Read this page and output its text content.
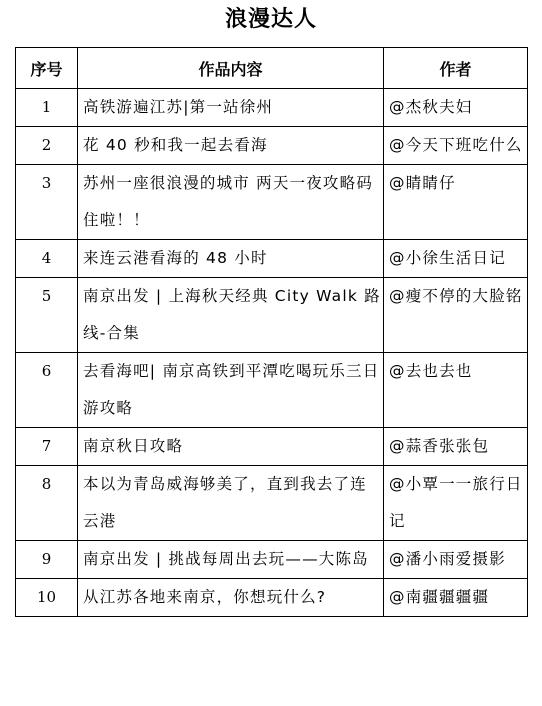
浪漫达人
序号	作品内容	作者
1	高铁游遍江苏|第一站徐州	@杰秋夫妇
2	花 40 秒和我一起去看海	@今天下班吃什么
3	苏州一座很浪漫的城市 两天一夜攻略码住啦！！	@睛睛仔
4	来连云港看海的 48 小时	@小徐生活日记
5	南京出发 | 上海秋天经典 City Walk 路线-合集	@瘦不停的大脸铭
6	去看海吧| 南京高铁到平潭吃喝玩乐三日游攻略	@去也去也
7	南京秋日攻略	@蒜香张张包
8	本以为青岛威海够美了，直到我去了连云港	@小覃一一旅行日记
9	南京出发 | 挑战每周出去玩——大陈岛	@潘小雨爱摄影
10	从江苏各地来南京，你想玩什么?	@南疆疆疆疆
